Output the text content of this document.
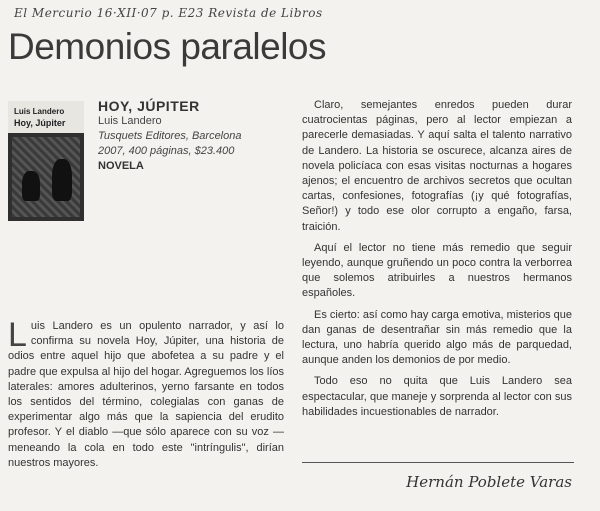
El Mercurio 16·XII·07 p. E23 Revista de Libros
Demonios paralelos
Luis Landero
Hoy, Júpiter
HOY, JÚPITER
Luis Landero
Tusquets Editores, Barcelona
2007, 400 páginas, $23.400
NOVELA

Luis Landero es un opulento narrador, y así lo confirma su novela Hoy, Júpiter, una historia de odios entre aquel hijo que abofetea a su padre y el padre que expulsa al hijo del hogar. Agreguemos los líos laterales: amores adulterinos, yerno farsante en todos los sentidos del término, colegialas con ganas de experimentar algo más que la sapiencia del erudito profesor. Y el diablo —que sólo aparece con su voz — meneando la cola en todo este "intríngulis", dirían nuestros mayores.

Claro, semejantes enredos pueden durar cuatrocientas páginas, pero al lector empiezan a parecerle demasiadas. Y aquí salta el talento narrativo de Landero. La historia se oscurece, alcanza aires de novela policíaca con esas visitas nocturnas a hogares ajenos; el encuentro de archivos secretos que ocultan cartas, confesiones, fotografías (¡y qué fotografías, Señor!) y todo ese olor corrupto a engaño, farsa, traición.

Aquí el lector no tiene más remedio que seguir leyendo, aunque gruñendo un poco contra la verborrea que solemos atribuirles a nuestros hermanos españoles.

Es cierto: así como hay carga emotiva, misterios que dan ganas de desentrañar sin más remedio que la lectura, uno habría querido algo más de parquedad, aunque anden los demonios de por medio.

Todo eso no quita que Luis Landero sea espectacular, que maneje y sorprenda al lector con sus habilidades incuestionables de narrador.

Hernán Poblete Varas
